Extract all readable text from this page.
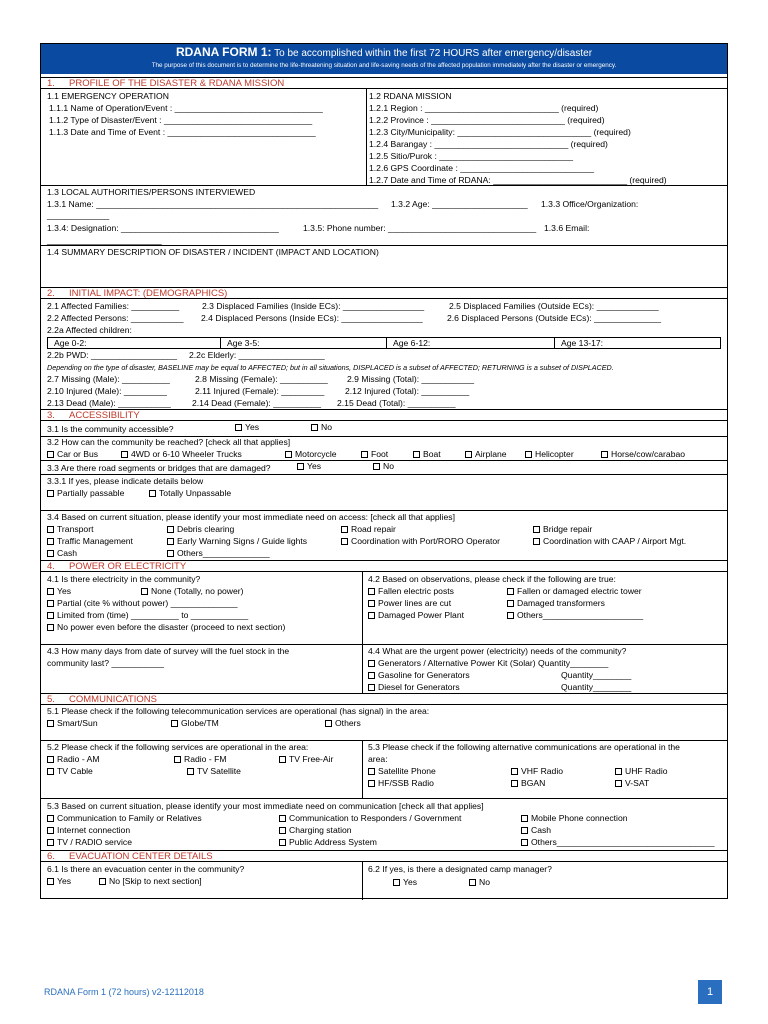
RDANA FORM 1: To be accomplished within the first 72 HOURS after emergency/disaster
The purpose of this document is to determine the life-threatening situation and life-saving needs of the affected population immediately after the disaster or emergency.
1. PROFILE OF THE DISASTER & RDANA MISSION
1.1 EMERGENCY OPERATION
1.1.1 Name of Operation/Event : _______________________________
1.1.2 Type of Disaster/Event : _______________________________
1.1.3 Date and Time of Event : _______________________________
1.2 RDANA MISSION
1.2.1 Region : ____________________________ (required)
1.2.2 Province : ____________________________ (required)
1.2.3 City/Municipality: ____________________________ (required)
1.2.4 Barangay : ____________________________ (required)
1.2.5 Sitio/Purok : ____________________________
1.2.6 GPS Coordinate : ____________________________
1.2.7 Date and Time of RDANA: ____________________________ (required)
1.3 LOCAL AUTHORITIES/PERSONS INTERVIEWED
1.3.1 Name: ___________________________________________________________ 1.3.2 Age: ____________________ 1.3.3 Office/Organization:
_____________
1.3.4: Designation: _________________________________	1.3.5: Phone number: _______________________________ 1.3.6 Email:
________________________
1.4 SUMMARY DESCRIPTION OF DISASTER / INCIDENT (IMPACT AND LOCATION)
2. INITIAL IMPACT: (DEMOGRAPHICS)
2.1 Affected Families: __________	2.3 Displaced Families (Inside ECs): _________________	2.5 Displaced Families (Outside ECs): _____________
2.2 Affected Persons: ___________ 2.4 Displaced Persons (Inside ECs): _________________	2.6 Displaced Persons (Outside ECs): ______________
2.2a Affected children:
Age 0-2:	Age 3-5:	Age 6-12:	Age 13-17:
2.2b PWD: __________________ 2.2c Elderly: __________________
Depending on the type of disaster, BASELINE may be equal to AFFECTED; but in all situations, DISPLACED is a subset of AFFECTED; RETURNING is a subset of DISPLACED.
2.7 Missing (Male): __________	2.8 Missing (Female): __________ 2.9 Missing (Total): ___________
2.10 Injured (Male): _________	2.11 Injured (Female): _________ 2.12 Injured (Total): __________
2.13 Dead (Male): ___________ 2.14 Dead (Female): __________ 2.15 Dead (Total): __________
3. ACCESSIBILITY
3.1 Is the community accessible?	Yes	No
3.2 How can the community be reached? [check all that applies]
Car or Bus	4WD or 6-10 Wheeler Trucks	Motorcycle	Foot	Boat	Airplane	Helicopter	Horse/cow/carabao
3.3 Are there road segments or bridges that are damaged?	Yes	No
3.3.1 If yes, please indicate details below
Partially passable	Totally Unpassable
3.4 Based on current situation, please identify your most immediate need on access: [check all that applies]
Transport	Debris clearing	Road repair	Bridge repair
Traffic Management	Early Warning Signs / Guide lights	Coordination with Port/RORO Operator	Coordination with CAAP / Airport Mgt.
Cash	Others______________
4. POWER OR ELECTRICITY
4.1 Is there electricity in the community?
Yes	None (Totally, no power)
Partial (cite % without power) ______________
Limited from (time) __________ to ____________
No power even before the disaster (proceed to next section)
4.2 Based on observations, please check if the following are true:
Fallen electric posts	Fallen or damaged electric tower
Power lines are cut	Damaged transformers
Damaged Power Plant	Others_____________________
4.3 How many days from date of survey will the fuel stock in the
community last? ___________
4.4 What are the urgent power (electricity) needs of the community?
Generators / Alternative Power Kit (Solar) Quantity________
Gasoline for Generators	Quantity________
Diesel for Generators	Quantity________
5. COMMUNICATIONS
5.1 Please check if the following telecommunication services are operational (has signal) in the area:
Smart/Sun	Globe/TM	Others
5.2 Please check if the following services are operational in the area:
Radio - AM	Radio - FM	TV Free-Air
TV Cable	TV Satellite
5.3 Please check if the following alternative communications are operational in the
area:
Satellite Phone	VHF Radio	UHF Radio
HF/SSB Radio	BGAN	V-SAT
5.3 Based on current situation, please identify your most immediate need on communication [check all that applies]
Communication to Family or Relatives	Communication to Responders / Government	Mobile Phone connection
Internet connection	Charging station	Cash
TV / RADIO service	Public Address System	Others_________________________________
6. EVACUATION CENTER DETAILS
6.1 Is there an evacuation center in the community?
Yes	No [Skip to next section]
6.2 If yes, is there a designated camp manager?
Yes	No
RDANA Form 1 (72 hours) v2-12112018	1
